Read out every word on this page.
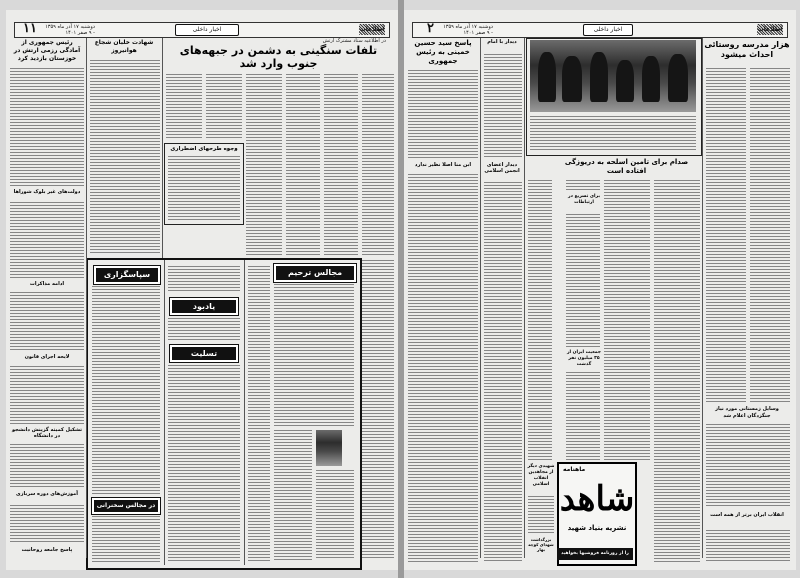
۱۱ دوشنبه ۱۷ آذر ماه ۱۳۵۹ - ۹ صفر ۱۴۰۱	اخبار داخلی	اطلاعات
در اطلاعیه ستاد مشترک ارتش
تلفات سنگینی به دشمن در جبهه‌های جنوب وارد شد
رئیس جمهوری از آمادگی رزمی ارتش در خوزستان بازدید کرد
شهادت خلبان شجاع هوانیروز
دولت‌های غیر بلوک شوراها
ادامه مذاکرات
لایحه اجرای قانون
تشکیل کمیته گزینش دانشجو در دانشگاه
آموزش‌های دوره سربازی
پاسخ جامعه روحانیت
وجوه طرحهای اضطراری
سپاسگزاری
در مجالس سخنرانی
یادبود
تسلیت
مجالس ترحیم
۲ دوشنبه ۱۷ آذر ماه ۱۳۵۹ - ۹ صفر ۱۴۰۱	اخبار داخلی	اطلاعات
پاسخ سید حسین خمینی به رئیس جمهوری
دیدار با امام	هزار مدرسه روستائی احداث میشود
ابن منا اصلا نظیر ندارد	دیدار اعضای انجمن اسلامی
صدام برای تامین اسلحه به دریوزگی افتاده است
برای تسریع در ارتباطات
جمعیت ایران از ۳۵ میلیون نفر گذشت
شهیدی دیگر از مجاهدین انقلاب اسلامی
بزرگداشت شهدای کوچه بهار
ماهنامه
شاهد
نشریه بنیاد شهید
را از روزنامه فروشیها بخواهید
وسایل زمستانی مورد نیاز جنگزدگان اعلام شد
انقلاب ایران برتر از همه است
